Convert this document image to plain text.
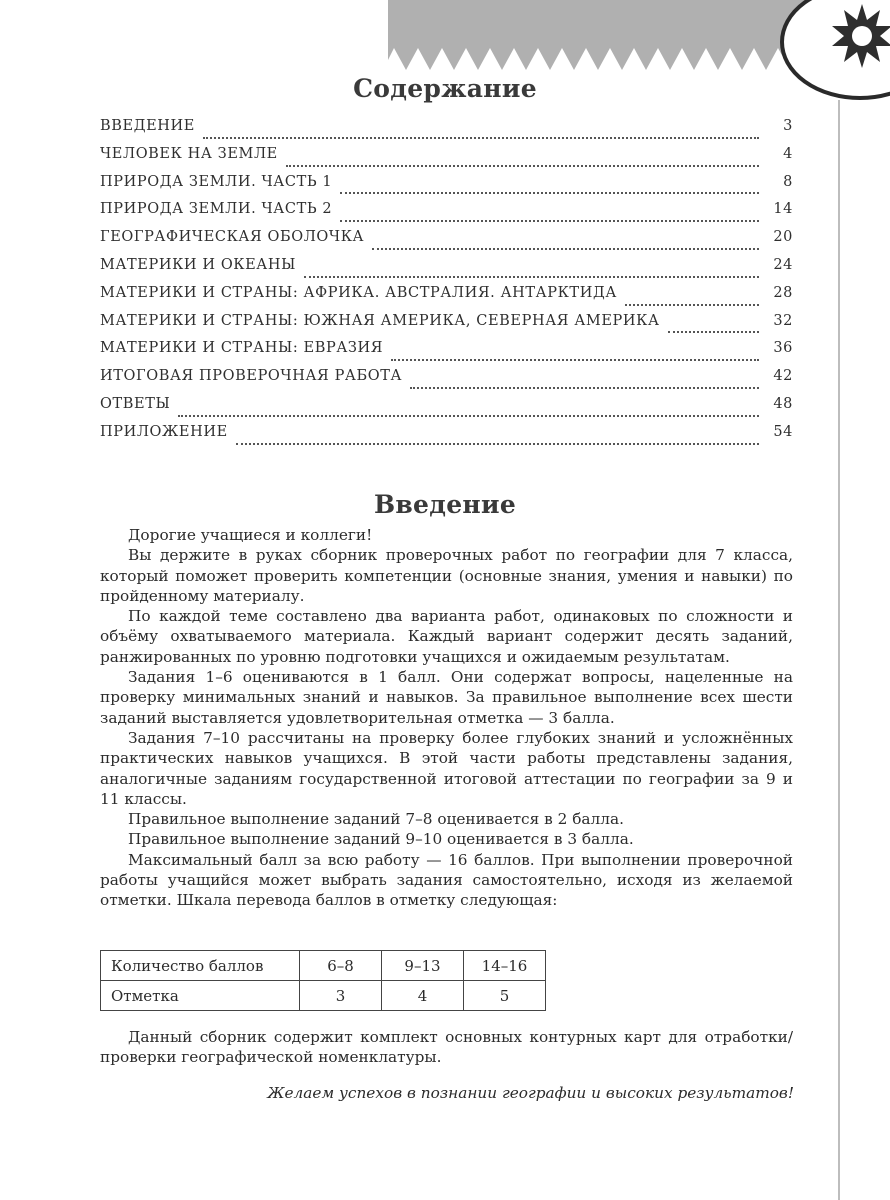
Содержание
ВВЕДЕНИЕ	3
ЧЕЛОВЕК НА ЗЕМЛЕ	4
ПРИРОДА ЗЕМЛИ. ЧАСТЬ 1	8
ПРИРОДА ЗЕМЛИ. ЧАСТЬ 2	14
ГЕОГРАФИЧЕСКАЯ ОБОЛОЧКА	20
МАТЕРИКИ И ОКЕАНЫ	24
МАТЕРИКИ И СТРАНЫ: АФРИКА. АВСТРАЛИЯ. АНТАРКТИДА	28
МАТЕРИКИ И СТРАНЫ: ЮЖНАЯ АМЕРИКА, СЕВЕРНАЯ АМЕРИКА	32
МАТЕРИКИ И СТРАНЫ: ЕВРАЗИЯ	36
ИТОГОВАЯ ПРОВЕРОЧНАЯ РАБОТА	42
ОТВЕТЫ	48
ПРИЛОЖЕНИЕ	54
Введение

Дорогие учащиеся и коллеги!

Вы держите в руках сборник проверочных работ по географии для 7 класса, который поможет проверить компетенции (основные знания, умения и навыки) по пройденному материалу.

По каждой теме составлено два варианта работ, одинаковых по сложности и объёму охватываемого материала. Каждый вариант содержит десять заданий, ранжированных по уровню подготовки учащихся и ожидаемым результатам.

Задания 1–6 оцениваются в 1 балл. Они содержат вопросы, нацеленные на проверку минимальных знаний и навыков. За правильное выполнение всех шести заданий выставляется удовлетворительная отметка — 3 балла.

Задания 7–10 рассчитаны на проверку более глубоких знаний и усложнённых практических навыков учащихся. В этой части работы представлены задания, аналогичные заданиям государственной итоговой аттестации по географии за 9 и 11 классы.

Правильное выполнение заданий 7–8 оценивается в 2 балла.

Правильное выполнение заданий 9–10 оценивается в 3 балла.

Максимальный балл за всю работу — 16 баллов. При выполнении проверочной работы учащийся может выбрать задания самостоятельно, исходя из желаемой отметки. Шкала перевода баллов в отметку следующая:

Количество баллов	6–8	9–13	14–16
Отметка	3	4	5

Данный сборник содержит комплект основных контурных карт для отработки/проверки географической номенклатуры.

Желаем успехов в познании географии и высоких результатов!
